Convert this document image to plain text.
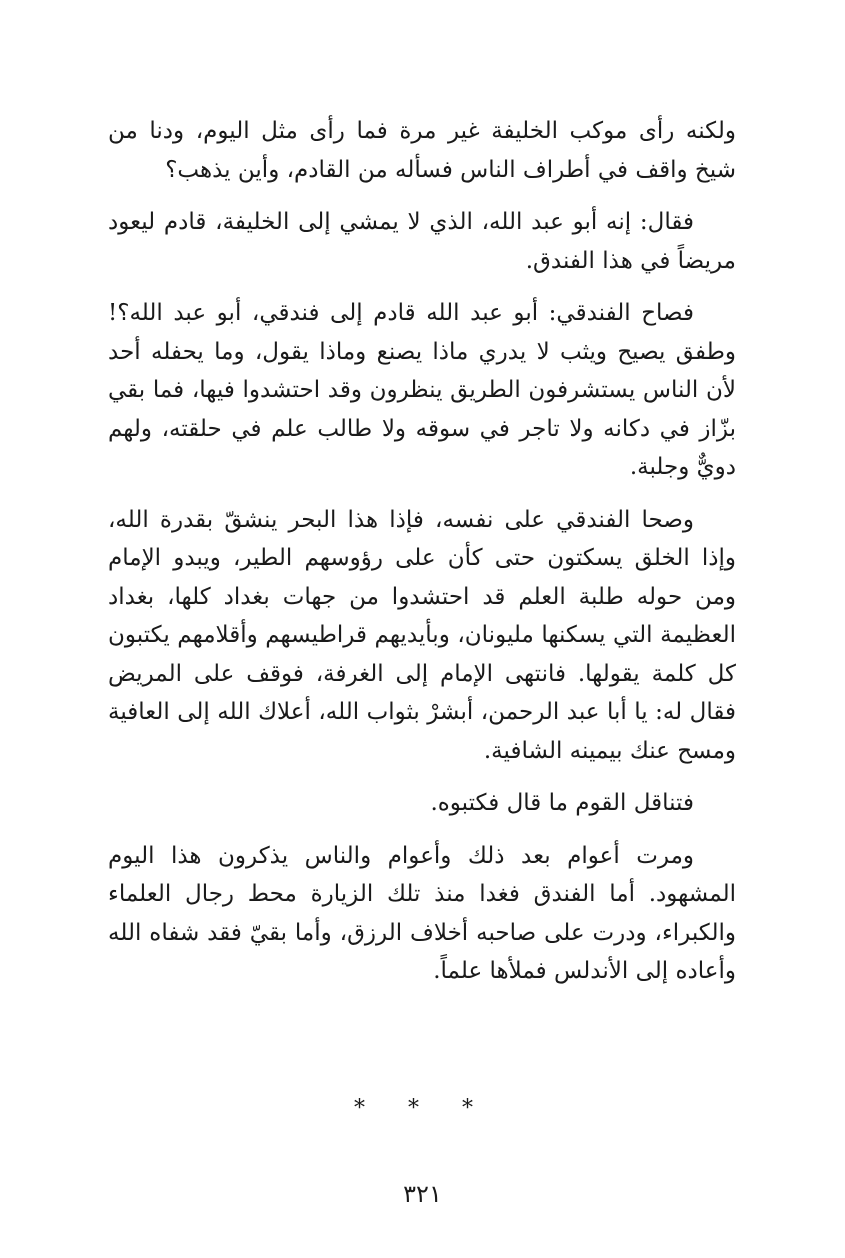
ولكنه رأى موكب الخليفة غير مرة فما رأى مثل اليوم، ودنا من شيخ واقف في أطراف الناس فسأله من القادم، وأين يذهب؟

فقال: إنه أبو عبد الله، الذي لا يمشي إلى الخليفة، قادم ليعود مريضاً في هذا الفندق.

فصاح الفندقي: أبو عبد الله قادم إلى فندقي، أبو عبد الله؟! وطفق يصيح ويثب لا يدري ماذا يصنع وماذا يقول، وما يحفله أحد لأن الناس يستشرفون الطريق ينظرون وقد احتشدوا فيها، فما بقي بزّاز في دكانه ولا تاجر في سوقه ولا طالب علم في حلقته، ولهم دويٌّ وجلبة.

وصحا الفندقي على نفسه، فإذا هذا البحر ينشقّ بقدرة الله، وإذا الخلق يسكتون حتى كأن على رؤوسهم الطير، ويبدو الإمام ومن حوله طلبة العلم قد احتشدوا من جهات بغداد كلها، بغداد العظيمة التي يسكنها مليونان، وبأيديهم قراطيسهم وأقلامهم يكتبون كل كلمة يقولها. فانتهى الإمام إلى الغرفة، فوقف على المريض فقال له: يا أبا عبد الرحمن، أبشرْ بثواب الله، أعلاك الله إلى العافية ومسح عنك بيمينه الشافية.

فتناقل القوم ما قال فكتبوه.

ومرت أعوام بعد ذلك وأعوام والناس يذكرون هذا اليوم المشهود. أما الفندق فغدا منذ تلك الزيارة محط رجال العلماء والكبراء، ودرت على صاحبه أخلاف الرزق، وأما بقيّ فقد شفاه الله وأعاده إلى الأندلس فملأها علماً.

* * *
٣٢١
